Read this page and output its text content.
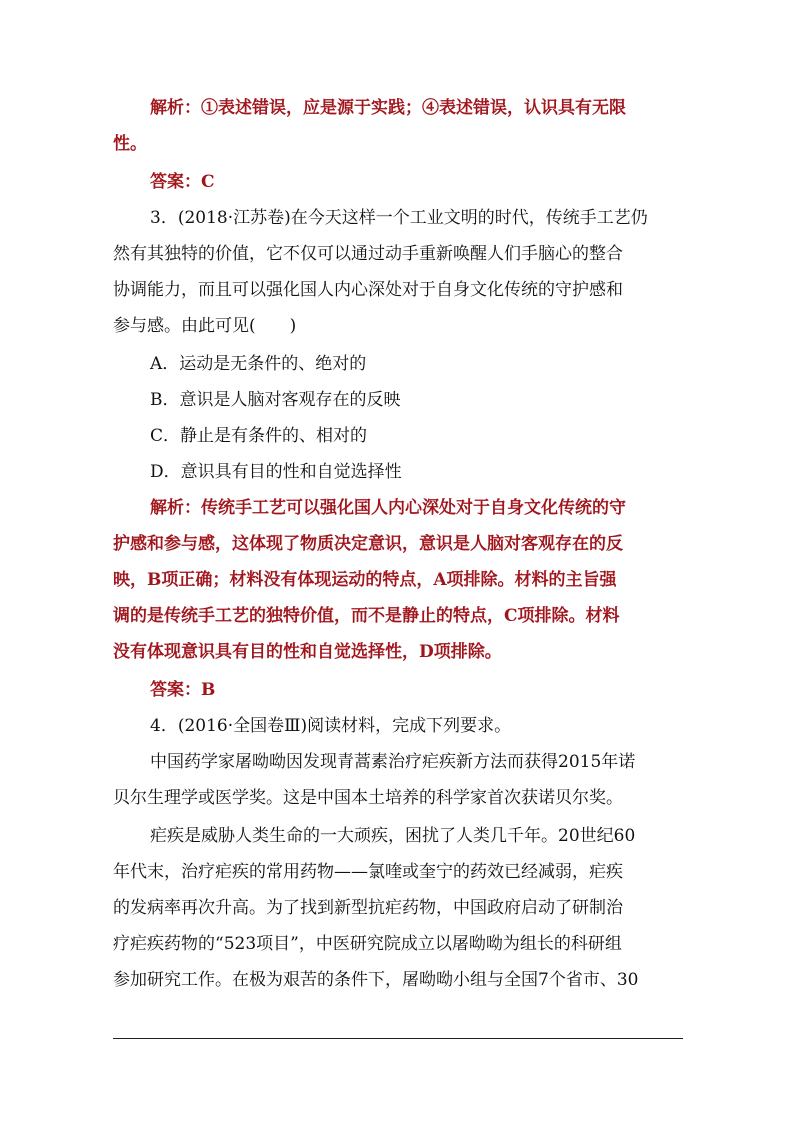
解析：①表述错误，应是源于实践；④表述错误，认识具有无限
性。
答案：C
3．(2018·江苏卷)在今天这样一个工业文明的时代，传统手工艺仍
然有其独特的价值，它不仅可以通过动手重新唤醒人们手脑心的整合
协调能力，而且可以强化国人内心深处对于自身文化传统的守护感和
参与感。由此可见(　　)
A．运动是无条件的、绝对的
B．意识是人脑对客观存在的反映
C．静止是有条件的、相对的
D．意识具有目的性和自觉选择性
解析：传统手工艺可以强化国人内心深处对于自身文化传统的守
护感和参与感，这体现了物质决定意识，意识是人脑对客观存在的反
映，B项正确；材料没有体现运动的特点，A项排除。材料的主旨强
调的是传统手工艺的独特价值，而不是静止的特点，C项排除。材料
没有体现意识具有目的性和自觉选择性，D项排除。
答案：B
4．(2016·全国卷Ⅲ)阅读材料，完成下列要求。
中国药学家屠呦呦因发现青蒿素治疗疟疾新方法而获得2015年诺
贝尔生理学或医学奖。这是中国本土培养的科学家首次获诺贝尔奖。
疟疾是威胁人类生命的一大顽疾，困扰了人类几千年。20世纪60
年代末，治疗疟疾的常用药物——氯喹或奎宁的药效已经减弱，疟疾
的发病率再次升高。为了找到新型抗疟药物，中国政府启动了研制治
疗疟疾药物的“523项目”，中医研究院成立以屠呦呦为组长的科研组
参加研究工作。在极为艰苦的条件下，屠呦呦小组与全国7个省市、30
